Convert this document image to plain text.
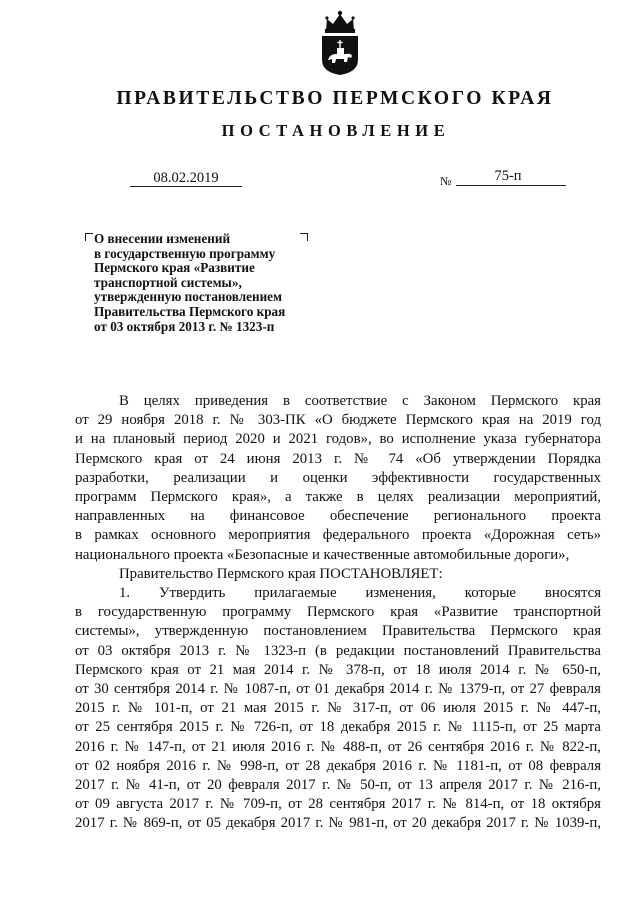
ПРАВИТЕЛЬСТВО ПЕРМСКОГО КРАЯ
ПОСТАНОВЛЕНИЕ
08.02.2019	№	75-п
О внесении изменений
в государственную программу
Пермского края «Развитие
транспортной системы»,
утвержденную постановлением
Правительства Пермского края
от 03 октября 2013 г. № 1323-п
В целях приведения в соответствие с Законом Пермского края
от 29 ноября 2018 г. № 303-ПК «О бюджете Пермского края на 2019 год
и на плановый период 2020 и 2021 годов», во исполнение указа губернатора
Пермского края от 24 июня 2013 г. № 74 «Об утверждении Порядка
разработки, реализации и оценки эффективности государственных
программ Пермского края», а также в целях реализации мероприятий,
направленных на финансовое обеспечение регионального проекта
в рамках основного мероприятия федерального проекта «Дорожная сеть»
национального проекта «Безопасные и качественные автомобильные дороги»,
Правительство Пермского края ПОСТАНОВЛЯЕТ:
1. Утвердить прилагаемые изменения, которые вносятся
в государственную программу Пермского края «Развитие транспортной
системы», утвержденную постановлением Правительства Пермского края
от 03 октября 2013 г. № 1323-п (в редакции постановлений Правительства
Пермского края от 21 мая 2014 г. № 378-п, от 18 июля 2014 г. № 650-п,
от 30 сентября 2014 г. № 1087-п, от 01 декабря 2014 г. № 1379-п, от 27 февраля
2015 г. № 101-п, от 21 мая 2015 г. № 317-п, от 06 июля 2015 г. № 447-п,
от 25 сентября 2015 г. № 726-п, от 18 декабря 2015 г. № 1115-п, от 25 марта
2016 г. № 147-п, от 21 июля 2016 г. № 488-п, от 26 сентября 2016 г. № 822-п,
от 02 ноября 2016 г. № 998-п, от 28 декабря 2016 г. № 1181-п, от 08 февраля
2017 г. № 41-п, от 20 февраля 2017 г. № 50-п, от 13 апреля 2017 г. № 216-п,
от 09 августа 2017 г. № 709-п, от 28 сентября 2017 г. № 814-п, от 18 октября
2017 г. № 869-п, от 05 декабря 2017 г. № 981-п, от 20 декабря 2017 г. № 1039-п,
